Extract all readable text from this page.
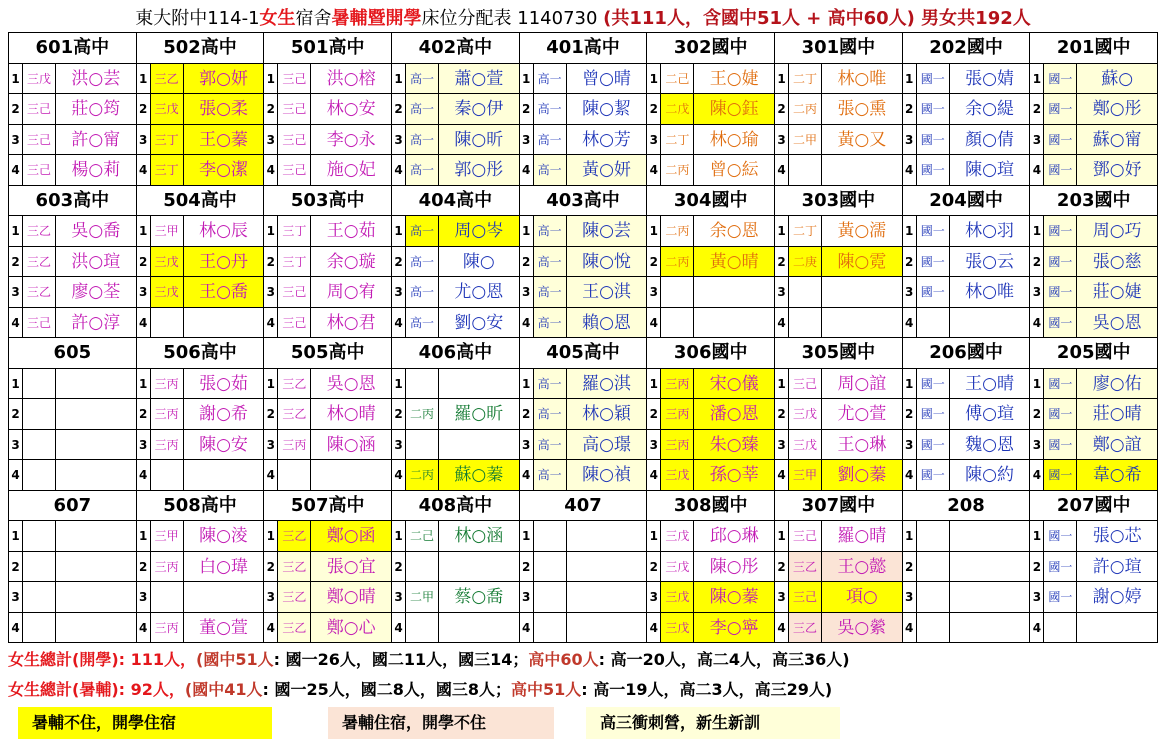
東大附中114-1女生宿舍暑輔暨開學床位分配表 1140730 (共111人，含國中51人 + 高中60人) 男女共192人
601高中	502高中	501高中	402高中	401高中	302國中	301國中	202國中	201國中
1 三戊	洪○芸	1 三乙	郭○妍	1 三己	洪○榕	1 高一	蕭○萱	1 高一	曾○晴	1 二己	王○婕	1 二丁	林○唯	1 國一	張○婧	1 國一	蘇○
2 三己	莊○筠	2 三戊	張○柔	2 三己	林○安	2 高一	秦○伊	2 高一	陳○絜	2 二戊	陳○鈺	2 二丙	張○熏	2 國一	余○緹	2 國一	鄭○彤
3 三己	許○甯	3 三丁	王○蓁	3 三己	李○永	3 高一	陳○昕	3 高一	林○芳	3 二丁	林○瑜	3 二甲	黃○又	3 國一	顏○倩	3 國一	蘇○甯
4 三己	楊○莉	4 三丁	李○潔	4 三己	施○妃	4 高一	郭○彤	4 高一	黃○妍	4 二丙	曾○紜	4	4 國一	陳○瑄	4 國一	鄧○妤
603高中	504高中	503高中	404高中	403高中	304國中	303國中	204國中	203國中
1 三乙	吳○喬	1 三甲	林○辰	1 三丁	王○茹	1 高一	周○岑	1 高一	陳○芸	1 二丙	余○恩	1 二丁	黃○濡	1 國一	林○羽	1 國一	周○巧
2 三乙	洪○瑄	2 三戊	王○丹	2 三丁	余○璇	2 高一	陳○	2 高一	陳○悅	2 二丙	黃○晴	2 二庚	陳○霓	2 國一	張○云	2 國一	張○慈
3 三乙	廖○荃	3 三戊	王○喬	3 三己	周○宥	3 高一	尤○恩	3 高一	王○淇	3	3	3 國一	林○唯	3 國一	莊○婕
4 三己	許○淳	4	4 三己	林○君	4 高一	劉○安	4 高一	賴○恩	4	4	4	4 國一	吳○恩
605	506高中	505高中	406高中	405高中	306國中	305國中	206國中	205國中
1	1 三丙	張○茹	1 三乙	吳○恩	1	1 高一	羅○淇	1 三丙	宋○儀	1 三己	周○誼	1 國一	王○晴	1 國一	廖○佑
2	2 三丙	謝○希	2 三乙	林○晴	2 二丙	羅○昕	2 高一	林○穎	2 三丙	潘○恩	2 三戊	尤○萱	2 國一	傅○瑄	2 國一	莊○晴
3	3 三丙	陳○安	3 三丙	陳○涵	3	3 高一	高○璟	3 三丙	朱○臻	3 三戊	王○琳	3 國一	魏○恩	3 國一	鄭○誼
4	4	4	4 二丙	蘇○蓁	4 高一	陳○禎	4 三戊	孫○莘	4 三甲	劉○蓁	4 國一	陳○約	4 國一	韋○希
607	508高中	507高中	408高中	407	308國中	307國中	208	207國中
1	1 三甲	陳○淩	1 三乙	鄭○函	1 二己	林○涵	1	1 三戊	邱○琳	1 三己	羅○晴	1	1 國一	張○芯
2	2 三丙	白○瑋	2 三乙	張○宜	2	2	2 三戊	陳○彤	2 三乙	王○懿	2	2 國一	許○瑄
3	3	3 三乙	鄭○晴	3 二甲	蔡○喬	3	3 三戊	陳○蓁	3 三己	項○	3	3 國一	謝○婷
4	4 三丙	董○萱	4 三乙	鄭○心	4	4	4 三戊	李○寧	4 三乙	吳○縈	4	4
女生總計(開學): 111人，(國中51人: 國一26人，國二11人，國三14；高中60人: 高一20人，高二4人，高三36人)
女生總計(暑輔): 92人，(國中41人: 國一25人，國二8人，國三8人；高中51人: 高一19人，高二3人，高三29人)
暑輔不住，開學住宿	暑輔住宿，開學不住	高三衝刺營，新生新訓
